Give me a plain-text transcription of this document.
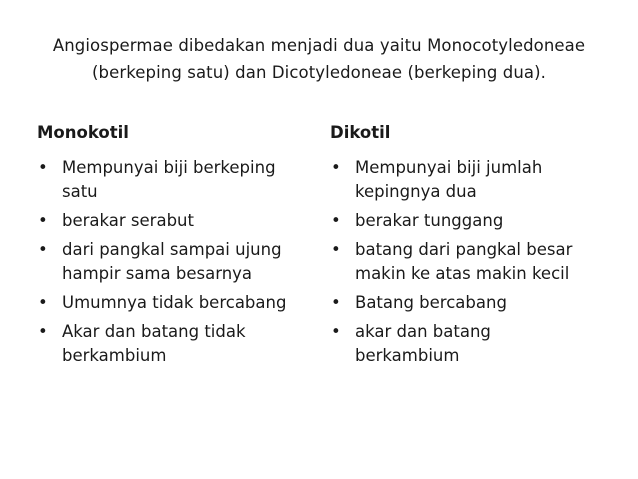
Angiospermae dibedakan menjadi dua yaitu Monocotyledoneae
(berkeping satu) dan Dicotyledoneae (berkeping dua).
Monokotil
• Mempunyai biji berkeping
satu
• berakar serabut
• dari pangkal sampai ujung
hampir sama besarnya
• Umumnya tidak bercabang
• Akar dan batang tidak
berkambium
Dikotil
• Mempunyai biji jumlah
kepingnya dua
• berakar tunggang
• batang dari pangkal besar
makin ke atas makin kecil
• Batang bercabang
• akar dan batang
berkambium
